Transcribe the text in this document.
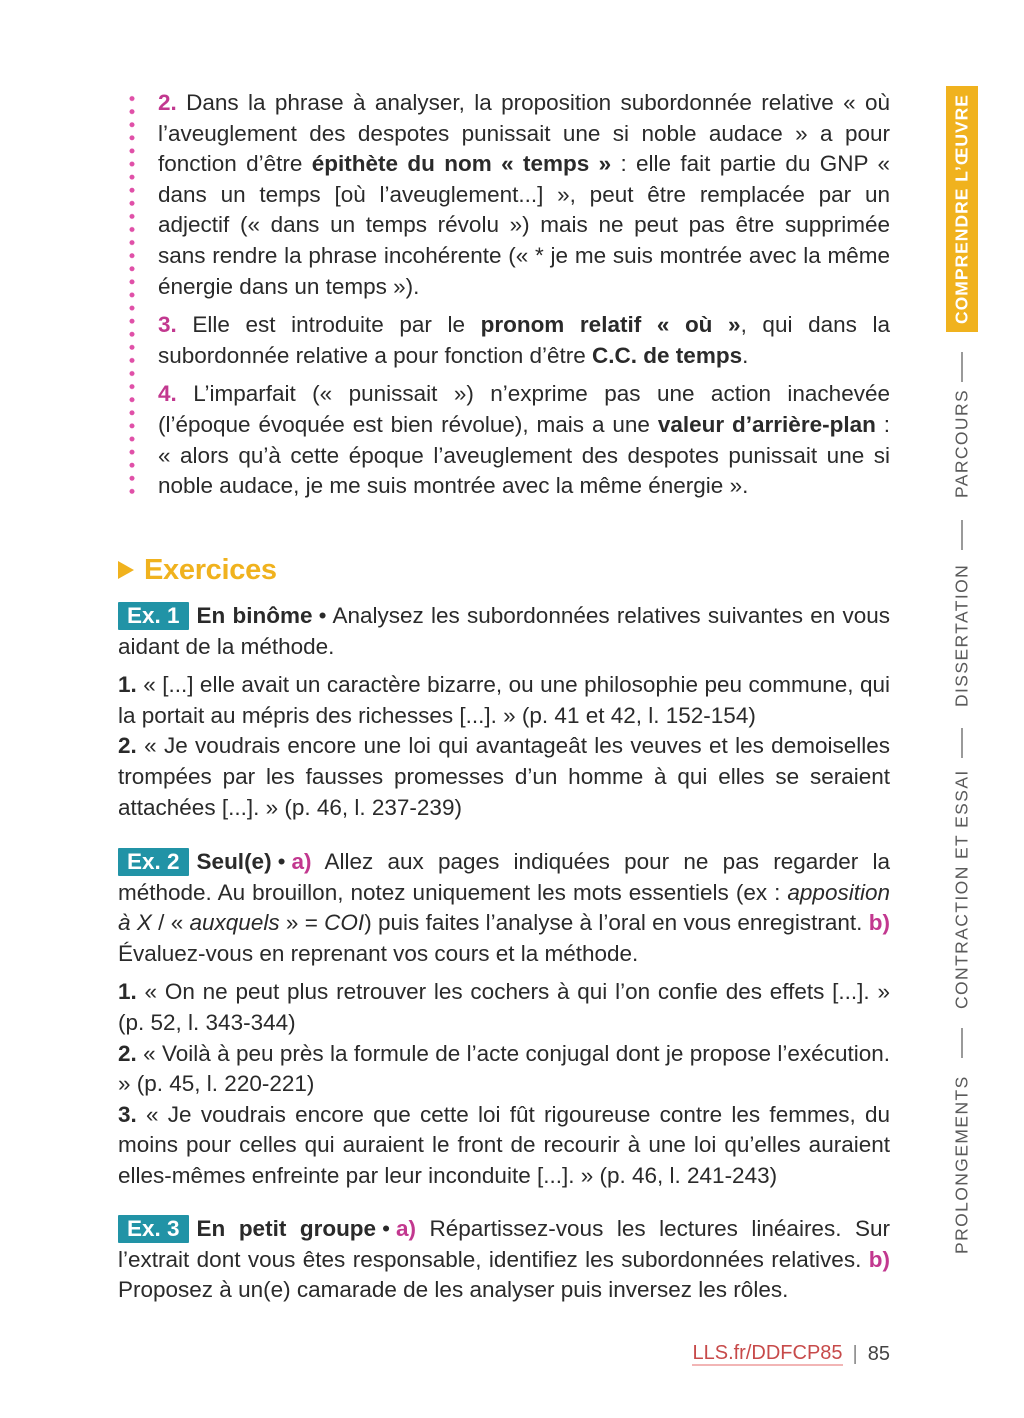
2. Dans la phrase à analyser, la proposition subordonnée relative « où l’aveuglement des despotes punissait une si noble audace » a pour fonction d’être épithète du nom « temps » : elle fait partie du GNP « dans un temps [où l’aveuglement...] », peut être remplacée par un adjectif (« dans un temps révolu ») mais ne peut pas être supprimée sans rendre la phrase incohérente (« * je me suis montrée avec la même énergie dans un temps »).

3. Elle est introduite par le pronom relatif « où », qui dans la subordonnée relative a pour fonction d’être C.C. de temps.

4. L’imparfait (« punissait ») n’exprime pas une action inachevée (l’époque évoquée est bien révolue), mais a une valeur d’arrière-plan : « alors qu’à cette époque l’aveuglement des despotes punissait une si noble audace, je me suis montrée avec la même énergie ».

Exercices

Ex. 1 En binôme • Analysez les subordonnées relatives suivantes en vous aidant de la méthode.

1. « [...] elle avait un caractère bizarre, ou une philosophie peu commune, qui la portait au mépris des richesses [...]. » (p. 41 et 42, l. 152-154)

2. « Je voudrais encore une loi qui avantageât les veuves et les demoiselles trompées par les fausses promesses d’un homme à qui elles se seraient attachées [...]. » (p. 46, l. 237-239)

Ex. 2 Seul(e) • a) Allez aux pages indiquées pour ne pas regarder la méthode. Au brouillon, notez uniquement les mots essentiels (ex : apposition à X / « auxquels » = COI) puis faites l’analyse à l’oral en vous enregistrant. b) Évaluez-vous en reprenant vos cours et la méthode.

1. « On ne peut plus retrouver les cochers à qui l’on confie des effets [...]. » (p. 52, l. 343-344)

2. « Voilà à peu près la formule de l’acte conjugal dont je propose l’exécution. » (p. 45, l. 220-221)

3. « Je voudrais encore que cette loi fût rigoureuse contre les femmes, du moins pour celles qui auraient le front de recourir à une loi qu’elles auraient elles-mêmes enfreinte par leur inconduite [...]. » (p. 46, l. 241-243)

Ex. 3 En petit groupe • a) Répartissez-vous les lectures linéaires. Sur l’extrait dont vous êtes responsable, identifiez les subordonnées relatives. b) Proposez à un(e) camarade de les analyser puis inversez les rôles.

LLS.fr/DDFCP85 | 85
COMPRENDRE L’ŒUVRE
PARCOURS
DISSERTATION
CONTRACTION ET ESSAI
PROLONGEMENTS
